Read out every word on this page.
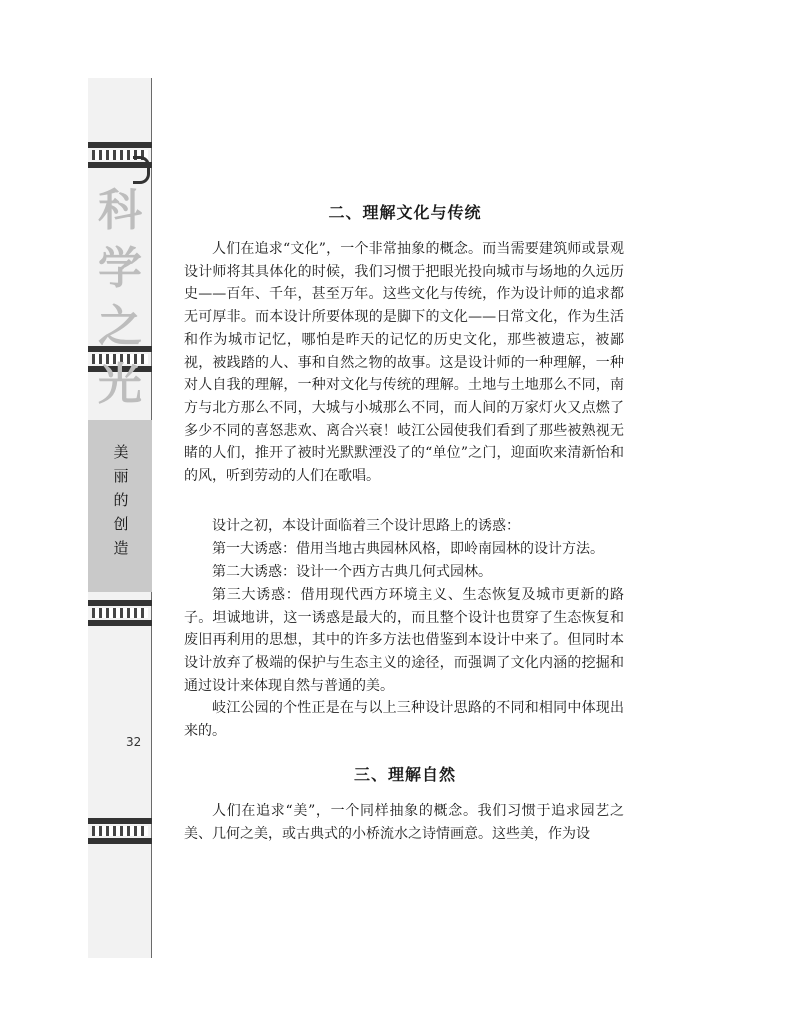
科
学
之
光
美
丽
的
创
造
32
二、理解文化与传统
人们在追求“文化”，一个非常抽象的概念。而当需要建筑师或景观设计师将其具体化的时候，我们习惯于把眼光投向城市与场地的久远历史——百年、千年，甚至万年。这些文化与传统，作为设计师的追求都无可厚非。而本设计所要体现的是脚下的文化——日常文化，作为生活和作为城市记忆，哪怕是昨天的记忆的历史文化，那些被遗忘，被鄙视，被践踏的人、事和自然之物的故事。这是设计师的一种理解，一种对人自我的理解，一种对文化与传统的理解。土地与土地那么不同，南方与北方那么不同，大城与小城那么不同，而人间的万家灯火又点燃了多少不同的喜怒悲欢、离合兴衰！岐江公园使我们看到了那些被熟视无睹的人们，推开了被时光默默湮没了的“单位”之门，迎面吹来清新怡和的风，听到劳动的人们在歌唱。
设计之初，本设计面临着三个设计思路上的诱惑：
第一大诱惑：借用当地古典园林风格，即岭南园林的设计方法。
第二大诱惑：设计一个西方古典几何式园林。
第三大诱惑：借用现代西方环境主义、生态恢复及城市更新的路子。坦诚地讲，这一诱惑是最大的，而且整个设计也贯穿了生态恢复和废旧再利用的思想，其中的许多方法也借鉴到本设计中来了。但同时本设计放弃了极端的保护与生态主义的途径，而强调了文化内涵的挖掘和通过设计来体现自然与普通的美。
岐江公园的个性正是在与以上三种设计思路的不同和相同中体现出来的。
三、理解自然
人们在追求“美”，一个同样抽象的概念。我们习惯于追求园艺之美、几何之美，或古典式的小桥流水之诗情画意。这些美，作为设
